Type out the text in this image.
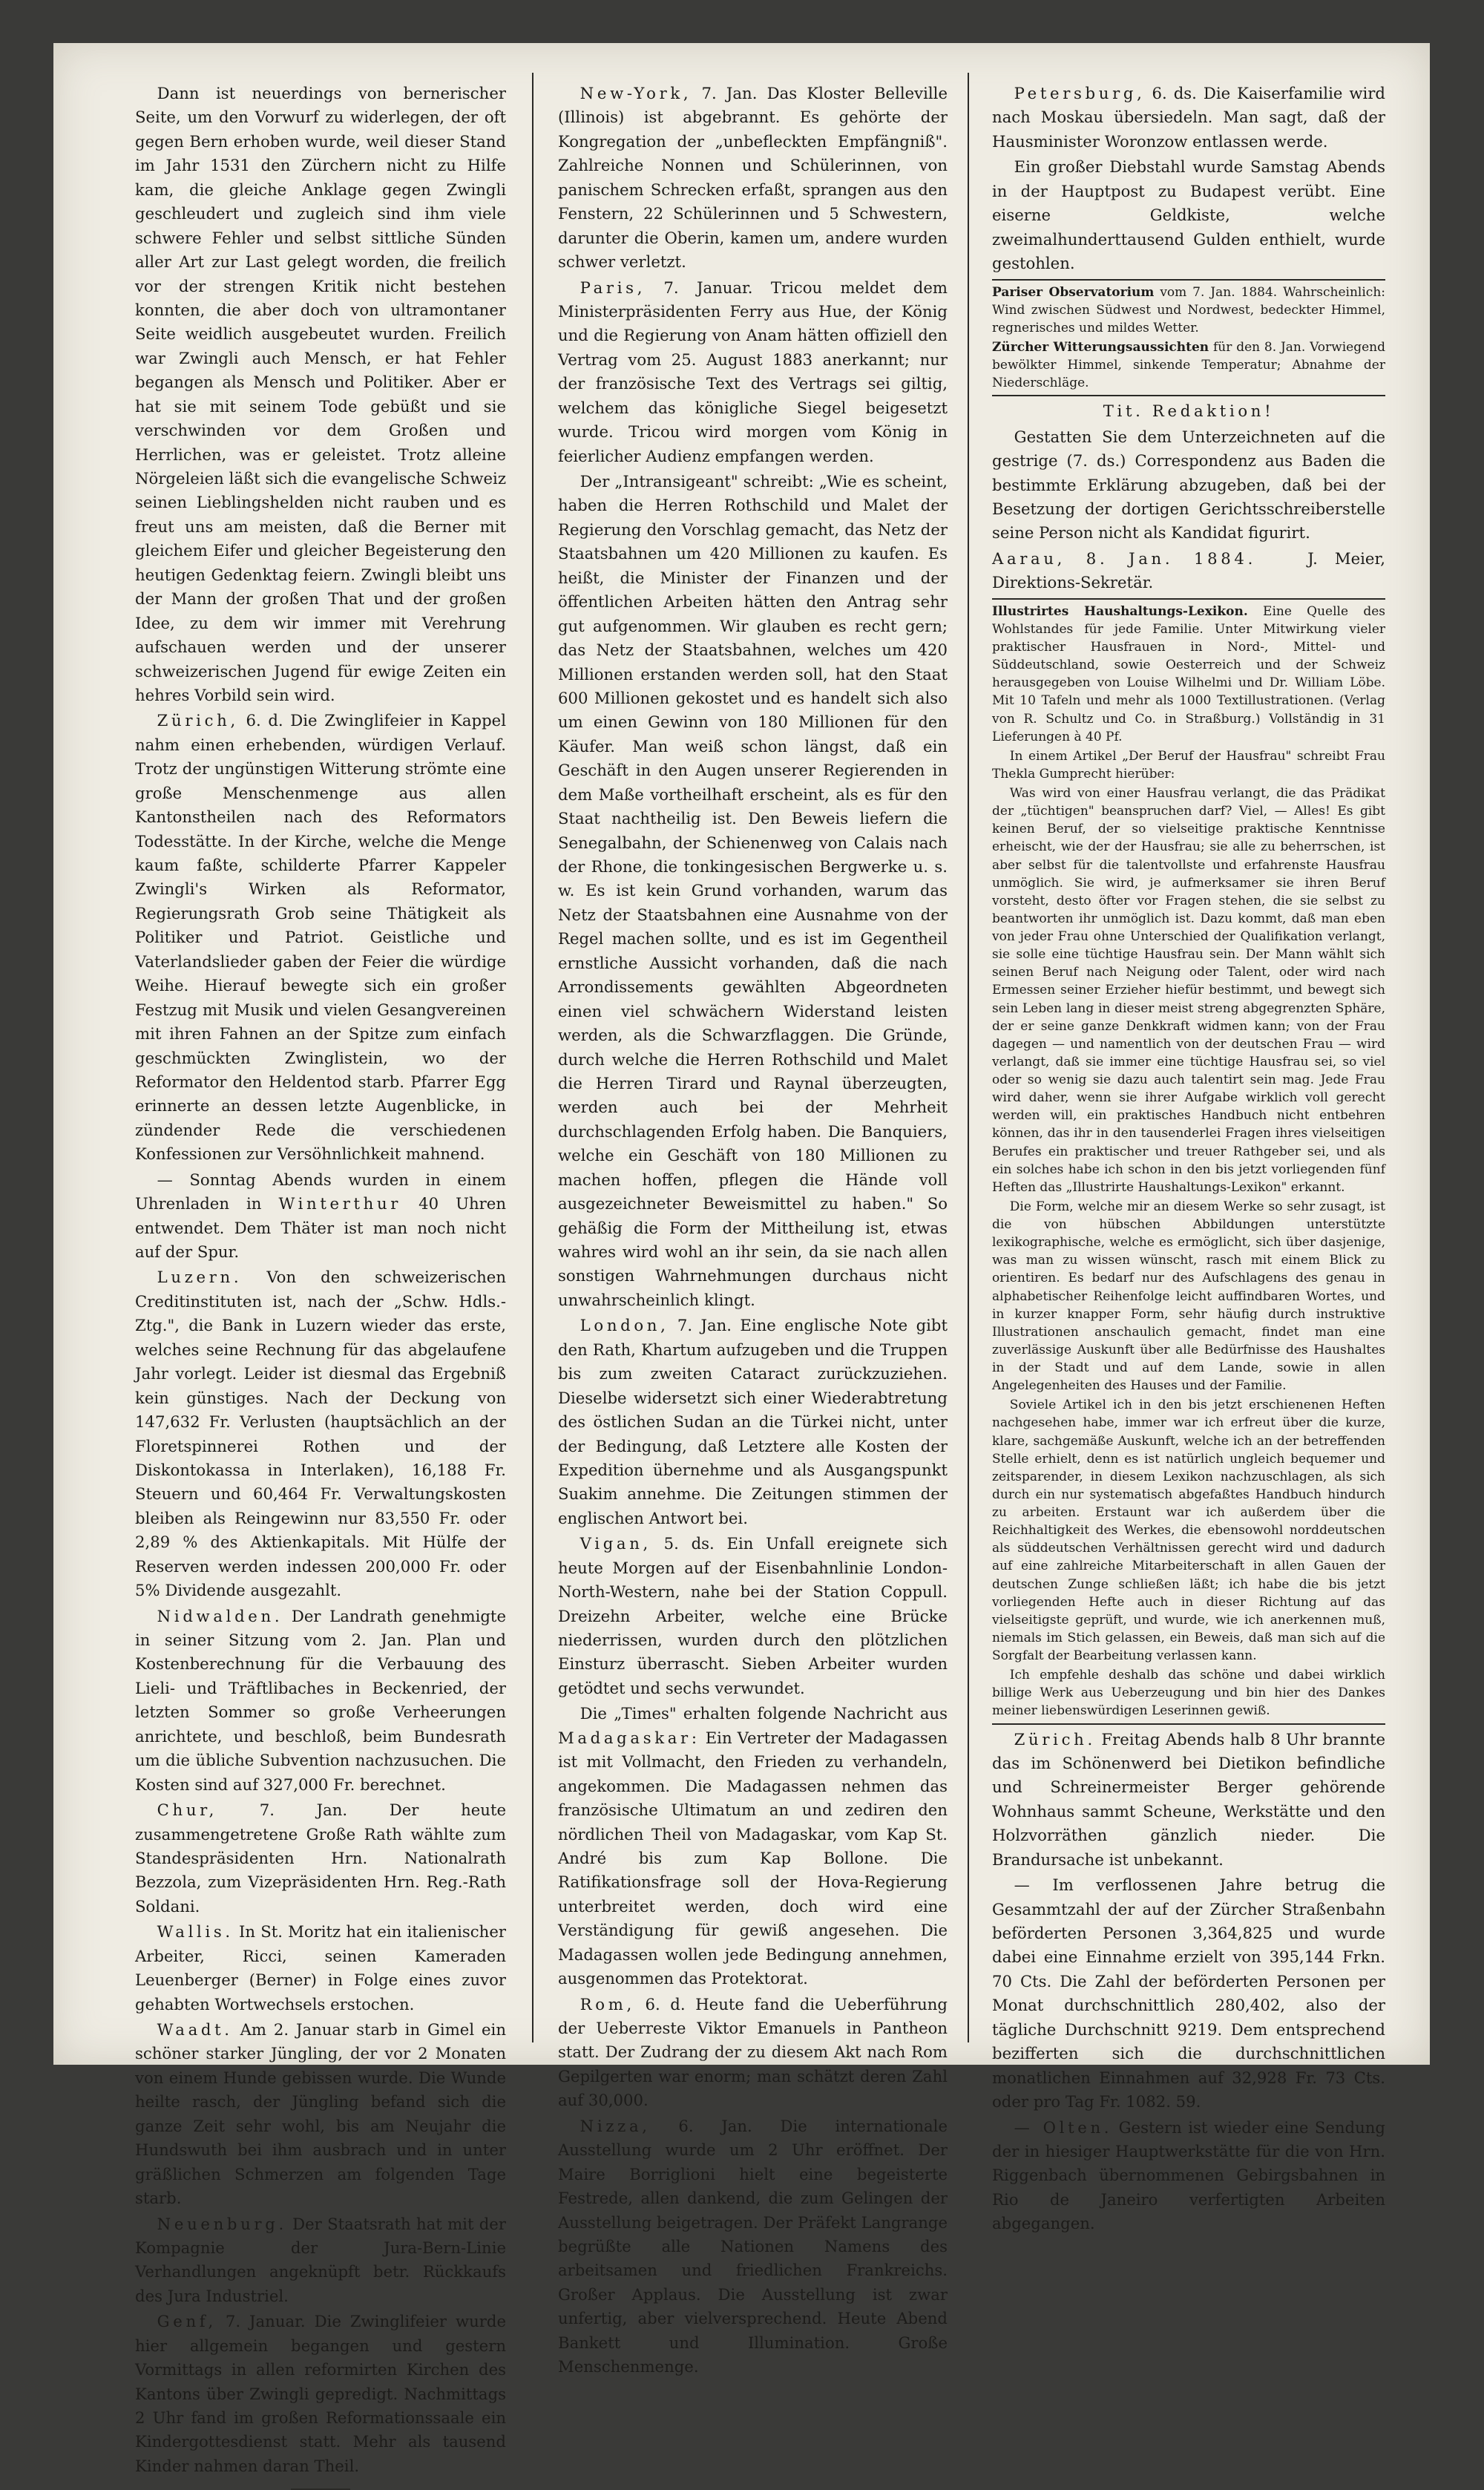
Dann ist neuerdings von bernerischer Seite, um den Vorwurf zu widerlegen, der oft gegen Bern erhoben wurde, weil dieser Stand im Jahr 1531 den Zürchern nicht zu Hilfe kam, die gleiche Anklage gegen Zwingli geschleudert und zugleich sind ihm viele schwere Fehler und selbst sittliche Sünden aller Art zur Last gelegt worden, die freilich vor der strengen Kritik nicht bestehen konnten, die aber doch von ultramontaner Seite weidlich ausgebeutet wurden. Freilich war Zwingli auch Mensch, er hat Fehler begangen als Mensch und Politiker. Aber er hat sie mit seinem Tode gebüßt und sie verschwinden vor dem Großen und Herrlichen, was er geleistet. Trotz alleine Nörgeleien läßt sich die evangelische Schweiz seinen Lieblingshelden nicht rauben und es freut uns am meisten, daß die Berner mit gleichem Eifer und gleicher Begeisterung den heutigen Gedenktag feiern. Zwingli bleibt uns der Mann der großen That und der großen Idee, zu dem wir immer mit Verehrung aufschauen werden und der unserer schweizerischen Jugend für ewige Zeiten ein hehres Vorbild sein wird.

Zürich, 6. d. Die Zwinglifeier in Kappel nahm einen erhebenden, würdigen Verlauf. Trotz der ungünstigen Witterung strömte eine große Menschenmenge aus allen Kantonstheilen nach des Reformators Todesstätte. In der Kirche, welche die Menge kaum faßte, schilderte Pfarrer Kappeler Zwingli's Wirken als Reformator, Regierungsrath Grob seine Thätigkeit als Politiker und Patriot. Geistliche und Vaterlandslieder gaben der Feier die würdige Weihe. Hierauf bewegte sich ein großer Festzug mit Musik und vielen Gesangvereinen mit ihren Fahnen an der Spitze zum einfach geschmückten Zwinglistein, wo der Reformator den Heldentod starb. Pfarrer Egg erinnerte an dessen letzte Augenblicke, in zündender Rede die verschiedenen Konfessionen zur Versöhnlichkeit mahnend.

— Sonntag Abends wurden in einem Uhrenladen in Winterthur 40 Uhren entwendet. Dem Thäter ist man noch nicht auf der Spur.

Luzern. Von den schweizerischen Creditinstituten ist, nach der „Schw. Hdls.-Ztg.", die Bank in Luzern wieder das erste, welches seine Rechnung für das abgelaufene Jahr vorlegt. Leider ist diesmal das Ergebniß kein günstiges. Nach der Deckung von 147,632 Fr. Verlusten (hauptsächlich an der Floretspinnerei Rothen und der Diskontokassa in Interlaken), 16,188 Fr. Steuern und 60,464 Fr. Verwaltungskosten bleiben als Reingewinn nur 83,550 Fr. oder 2,89 % des Aktienkapitals. Mit Hülfe der Reserven werden indessen 200,000 Fr. oder 5% Dividende ausgezahlt.

Nidwalden. Der Landrath genehmigte in seiner Sitzung vom 2. Jan. Plan und Kostenberechnung für die Verbauung des Lieli- und Träftlibaches in Beckenried, der letzten Sommer so große Verheerungen anrichtete, und beschloß, beim Bundesrath um die übliche Subvention nachzusuchen. Die Kosten sind auf 327,000 Fr. berechnet.

Chur,	7. Jan. Der heute zusammengetretene Große Rath wählte zum Standespräsidenten Hrn. Nationalrath Bezzola, zum Vizepräsidenten Hrn. Reg.-Rath Soldani.

Wallis. In St. Moritz hat ein italienischer Arbeiter, Ricci, seinen Kameraden Leuenberger (Berner) in Folge eines zuvor gehabten Wortwechsels erstochen.

Waadt. Am 2. Januar starb in Gimel ein schöner starker Jüngling, der vor 2 Monaten von einem Hunde gebissen wurde. Die Wunde heilte rasch, der Jüngling befand sich die ganze Zeit sehr wohl, bis am Neujahr die Hundswuth bei ihm ausbrach und in unter gräßlichen Schmerzen am folgenden Tage starb.

Neuenburg. Der Staatsrath hat mit der Kompagnie der Jura-Bern-Linie Verhandlungen angeknüpft betr. Rückkaufs des Jura Industriel.

Genf, 7. Januar. Die Zwinglifeier wurde hier allgemein begangen und gestern Vormittags in allen reformirten Kirchen des Kantons über Zwingli gepredigt. Nachmittags 2 Uhr fand im großen Reformationssaale ein Kindergottesdienst statt. Mehr als tausend Kinder nahmen daran Theil.

New-York, 7. Jan. Das Kloster Belleville (Illinois) ist abgebrannt. Es gehörte der Kongregation der „unbefleckten Empfängniß". Zahlreiche Nonnen und Schülerinnen, von panischem Schrecken erfaßt, sprangen aus den Fenstern, 22 Schülerinnen und 5 Schwestern, darunter die Oberin, kamen um, andere wurden schwer verletzt.

Paris, 7. Januar. Tricou meldet dem Ministerpräsidenten Ferry aus Hue, der König und die Regierung von Anam hätten offiziell den Vertrag vom 25. August 1883 anerkannt; nur der französische Text des Vertrags sei giltig, welchem das königliche Siegel beigesetzt wurde. Tricou wird morgen vom König in feierlicher Audienz empfangen werden.

Der „Intransigeant" schreibt: „Wie es scheint, haben die Herren Rothschild und Malet der Regierung den Vorschlag gemacht, das Netz der Staatsbahnen um 420 Millionen zu kaufen. Es heißt, die Minister der Finanzen und der öffentlichen Arbeiten hätten den Antrag sehr gut aufgenommen. Wir glauben es recht gern; das Netz der Staatsbahnen, welches um 420 Millionen erstanden werden soll, hat den Staat 600 Millionen gekostet und es handelt sich also um einen Gewinn von 180 Millionen für den Käufer. Man weiß schon längst, daß ein Geschäft in den Augen unserer Regierenden in dem Maße vortheilhaft erscheint, als es für den Staat nachtheilig ist. Den Beweis liefern die Senegalbahn, der Schienenweg von Calais nach der Rhone, die tonkingesischen Bergwerke u. s. w. Es ist kein Grund vorhanden, warum das Netz der Staatsbahnen eine Ausnahme von der Regel machen sollte, und es ist im Gegentheil ernstliche Aussicht vorhanden, daß die nach Arrondissements gewählten Abgeordneten einen viel schwächern Widerstand leisten werden, als die Schwarzflaggen. Die Gründe, durch welche die Herren Rothschild und Malet die Herren Tirard und Raynal überzeugten, werden auch bei der Mehrheit durchschlagenden Erfolg haben. Die Banquiers, welche ein Geschäft von 180 Millionen zu machen hoffen, pflegen die Hände voll ausgezeichneter Beweismittel zu haben." So gehäßig die Form der Mittheilung ist, etwas wahres wird wohl an ihr sein, da sie nach allen sonstigen Wahrnehmungen durchaus nicht unwahrscheinlich klingt.

London, 7. Jan. Eine englische Note gibt den Rath, Khartum aufzugeben und die Truppen bis zum zweiten Cataract zurückzuziehen. Dieselbe widersetzt sich einer Wiederabtretung des östlichen Sudan an die Türkei nicht, unter der Bedingung, daß Letztere alle Kosten der Expedition übernehme und als Ausgangspunkt Suakim annehme. Die Zeitungen stimmen der englischen Antwort bei.

Vigan, 5. ds. Ein Unfall ereignete sich heute Morgen auf der Eisenbahnlinie London-North-Western, nahe bei der Station Coppull. Dreizehn Arbeiter, welche eine Brücke niederrissen, wurden durch den plötzlichen Einsturz überrascht. Sieben Arbeiter wurden getödtet und sechs verwundet.

Die „Times" erhalten folgende Nachricht aus Madagaskar: Ein Vertreter der Madagassen ist mit Vollmacht, den Frieden zu verhandeln, angekommen. Die Madagassen nehmen das französische Ultimatum an und zediren den nördlichen Theil von Madagaskar, vom Kap St. André bis zum Kap Bollone. Die Ratifikationsfrage soll der Hova-Regierung unterbreitet werden, doch wird eine Verständigung für gewiß angesehen. Die Madagassen wollen jede Bedingung annehmen, ausgenommen das Protektorat.

Rom, 6. d. Heute fand die Ueberführung der Ueberreste Viktor Emanuels in Pantheon statt. Der Zudrang der zu diesem Akt nach Rom Gepilgerten war enorm; man schätzt deren Zahl auf 30,000.

Nizza, 6. Jan. Die internationale Ausstellung wurde um 2 Uhr eröffnet. Der Maire Borriglioni hielt eine begeisterte Festrede, allen dankend, die zum Gelingen der Ausstellung beigetragen. Der Präfekt Langrange begrüßte alle Nationen Namens des arbeitsamen und friedlichen Frankreichs. Großer Applaus. Die Ausstellung ist zwar unfertig, aber vielversprechend. Heute Abend Bankett und Illumination. Große Menschenmenge.

Petersburg, 6. ds. Die Kaiserfamilie wird nach Moskau übersiedeln. Man sagt, daß der Hausminister Woronzow entlassen werde.

Ein großer Diebstahl wurde Samstag Abends in der Hauptpost zu Budapest verübt. Eine eiserne Geldkiste, welche zweimalhunderttausend Gulden enthielt, wurde gestohlen.

Pariser Observatorium vom 7. Jan. 1884. Wahrscheinlich: Wind zwischen Südwest und Nordwest, bedeckter Himmel, regnerisches und mildes Wetter.

Zürcher Witterungsaussichten für den 8. Jan. Vorwiegend bewölkter Himmel, sinkende Temperatur; Abnahme der Niederschläge.

Tit. Redaktion!

Gestatten Sie dem Unterzeichneten auf die gestrige (7. ds.) Correspondenz aus Baden die bestimmte Erklärung abzugeben, daß bei der Besetzung der dortigen Gerichtsschreiberstelle seine Person nicht als Kandidat figurirt.

Aarau, 8. Jan. 1884.	J. Meier, Direktions-Sekretär.

Illustrirtes Haushaltungs-Lexikon. Eine Quelle des Wohlstandes für jede Familie. Unter Mitwirkung vieler praktischer Hausfrauen in Nord-, Mittel- und Süddeutschland, sowie Oesterreich und der Schweiz herausgegeben von Louise Wilhelmi und Dr. William Löbe. Mit 10 Tafeln und mehr als 1000 Textillustrationen. (Verlag von R. Schultz und Co. in Straßburg.) Vollständig in 31 Lieferungen à 40 Pf.

In einem Artikel „Der Beruf der Hausfrau" schreibt Frau Thekla Gumprecht hierüber:

Was wird von einer Hausfrau verlangt, die das Prädikat der „tüchtigen" beanspruchen darf? Viel, — Alles! Es gibt keinen Beruf, der so vielseitige praktische Kenntnisse erheischt, wie der der Hausfrau; sie alle zu beherrschen, ist aber selbst für die talentvollste und erfahrenste Hausfrau unmöglich. Sie wird, je aufmerksamer sie ihren Beruf vorsteht, desto öfter vor Fragen stehen, die sie selbst zu beantworten ihr unmöglich ist. Dazu kommt, daß man eben von jeder Frau ohne Unterschied der Qualifikation verlangt, sie solle eine tüchtige Hausfrau sein. Der Mann wählt sich seinen Beruf nach Neigung oder Talent, oder wird nach Ermessen seiner Erzieher hiefür bestimmt, und bewegt sich sein Leben lang in dieser meist streng abgegrenzten Sphäre, der er seine ganze Denkkraft widmen kann; von der Frau dagegen — und namentlich von der deutschen Frau — wird verlangt, daß sie immer eine tüchtige Hausfrau sei, so viel oder so wenig sie dazu auch talentirt sein mag. Jede Frau wird daher, wenn sie ihrer Aufgabe wirklich voll gerecht werden will, ein praktisches Handbuch nicht entbehren können, das ihr in den tausenderlei Fragen ihres vielseitigen Berufes ein praktischer und treuer Rathgeber sei, und als ein solches habe ich schon in den bis jetzt vorliegenden fünf Heften das „Illustrirte Haushaltungs-Lexikon" erkannt.

Die Form, welche mir an diesem Werke so sehr zusagt, ist die von hübschen Abbildungen unterstützte lexikographische, welche es ermöglicht, sich über dasjenige, was man zu wissen wünscht, rasch mit einem Blick zu orientiren. Es bedarf nur des Aufschlagens des genau in alphabetischer Reihenfolge leicht auffindbaren Wortes, und in kurzer knapper Form, sehr häufig durch instruktive Illustrationen anschaulich gemacht, findet man eine zuverlässige Auskunft über alle Bedürfnisse des Haushaltes in der Stadt und auf dem Lande, sowie in allen Angelegenheiten des Hauses und der Familie.

Soviele Artikel ich in den bis jetzt erschienenen Heften nachgesehen habe, immer war ich erfreut über die kurze, klare, sachgemäße Auskunft, welche ich an der betreffenden Stelle erhielt, denn es ist natürlich ungleich bequemer und zeitsparender, in diesem Lexikon nachzuschlagen, als sich durch ein nur systematisch abgefaßtes Handbuch hindurch zu arbeiten. Erstaunt war ich außerdem über die Reichhaltigkeit des Werkes, die ebensowohl norddeutschen als süddeutschen Verhältnissen gerecht wird und dadurch auf eine zahlreiche Mitarbeiterschaft in allen Gauen der deutschen Zunge schließen läßt; ich habe die bis jetzt vorliegenden Hefte auch in dieser Richtung auf das vielseitigste geprüft, und wurde, wie ich anerkennen muß, niemals im Stich gelassen, ein Beweis, daß man sich auf die Sorgfalt der Bearbeitung verlassen kann.

Ich empfehle deshalb das schöne und dabei wirklich billige Werk aus Ueberzeugung und bin hier des Dankes meiner liebenswürdigen Leserinnen gewiß.

Zürich. Freitag Abends halb 8 Uhr brannte das im Schönenwerd bei Dietikon befindliche und Schreinermeister Berger gehörende Wohnhaus sammt Scheune, Werkstätte und den Holzvorräthen gänzlich nieder. Die Brandursache ist unbekannt.

— Im verflossenen Jahre betrug die Gesammtzahl der auf der Zürcher Straßenbahn beförderten Personen 3,364,825 und wurde dabei eine Einnahme erzielt von 395,144 Frkn. 70 Cts. Die Zahl der beförderten Personen per Monat durchschnittlich 280,402, also der tägliche Durchschnitt 9219. Dem entsprechend bezifferten sich die durchschnittlichen monatlichen Einnahmen auf 32,928 Fr. 73 Cts. oder pro Tag Fr. 1082. 59.

— Olten. Gestern ist wieder eine Sendung der in hiesiger Hauptwerkstätte für die von Hrn. Riggenbach übernommenen Gebirgsbahnen in Rio de Janeiro verfertigten Arbeiten abgegangen.
